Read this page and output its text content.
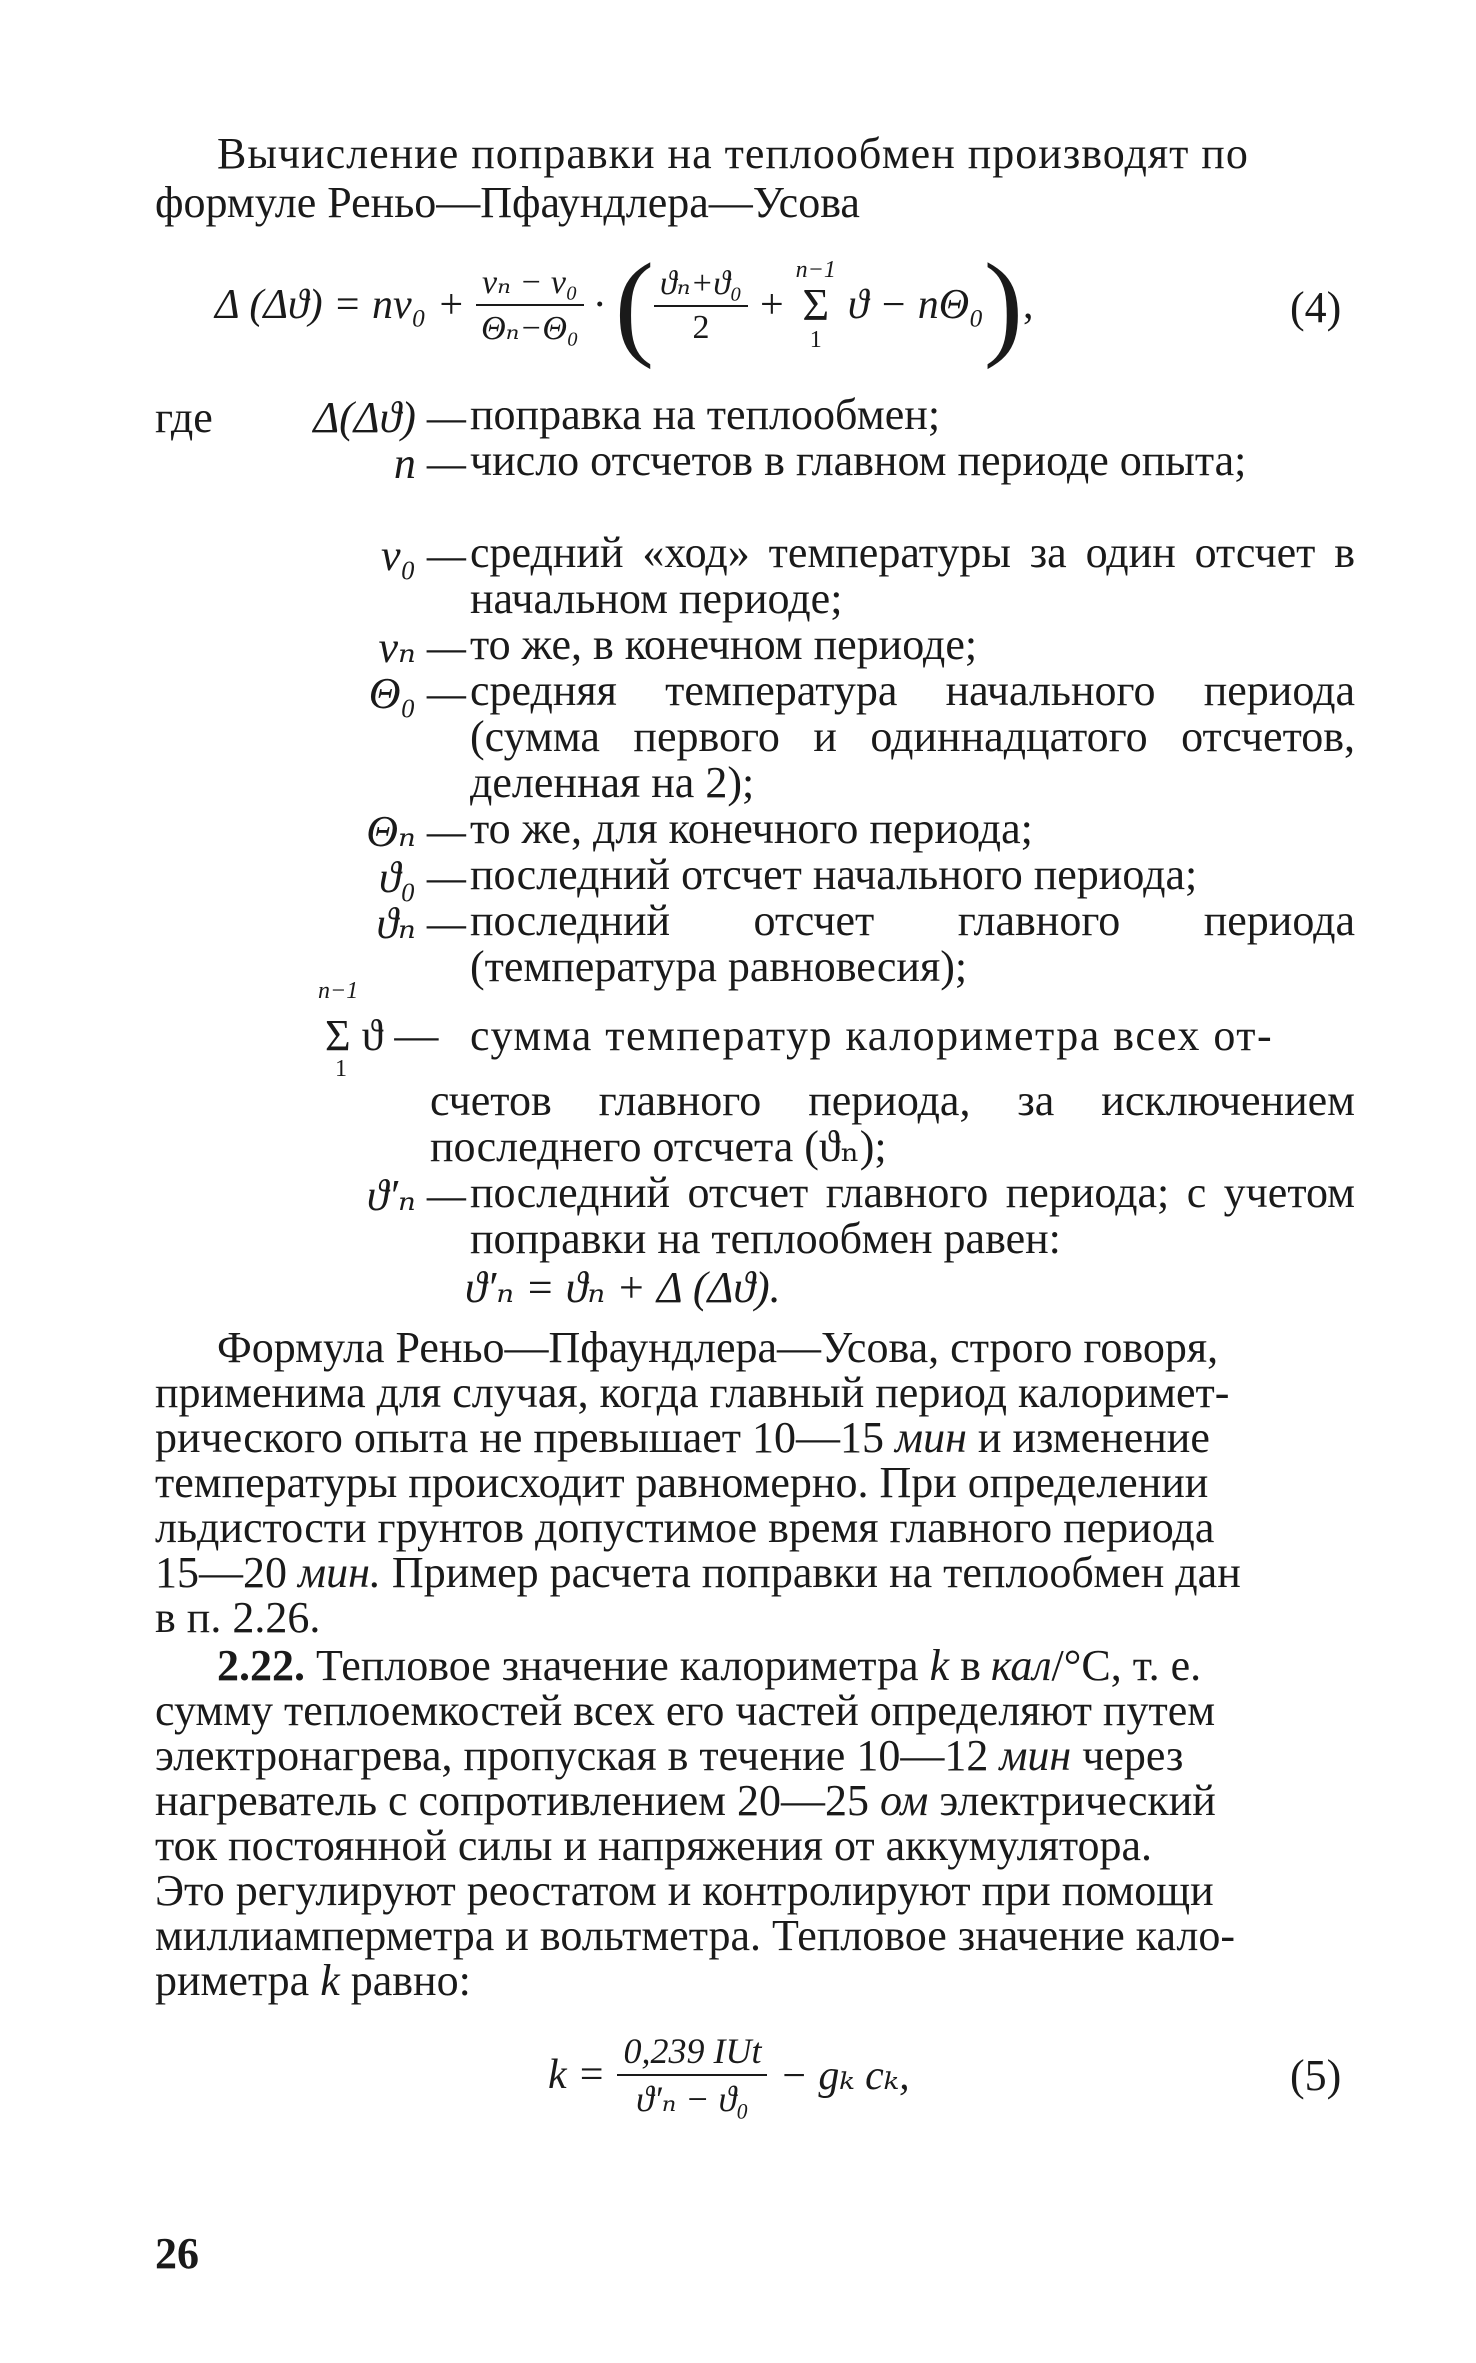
Вычисление поправки на теплообмен производят по
формуле Реньо—Пфаундлера—Усова
Δ $(\Delta ϑ) = nv_0 + \frac{\text{vₙ − v₀}}{\text{Θₙ−Θ₀}}$ · ( $\frac{\text{ϑₙ+ϑ₀}}{2}$ +
n−1
Σ
1
ϑ − nΘ₀ ) ,	(4)
где Δ(Δϑ) — поправка на теплообмен;
n — число отсчетов в главном периоде опыта;
v₀ — средний «ход» температуры за один отсчет в начальном периоде;
vₙ — то же, в конечном периоде;
Θ₀ — средняя температура начального периода (сумма первого и одиннадцатого отсчетов, деленная на 2);
Θₙ — то же, для конечного периода;
ϑ₀ — последний отсчет начального периода;
ϑₙ — последний отсчет главного периода (температура равновесия);
n−1
Σ ϑ —
1
сумма температур калориметра всех от-
счетов главного периода, за исключением последнего отсчета (ϑₙ);
ϑ′ₙ — последний отсчет главного периода; с учетом поправки на теплообмен равен:
ϑ′ₙ = ϑₙ + Δ (Δϑ).
Формула Реньо—Пфаундлера—Усова, строго говоря,
применима для случая, когда главный период калоримет-
рического опыта не превышает 10—15 мин и изменение
температуры происходит равномерно. При определении
льдистости грунтов допустимое время главного периода
15—20 мин. Пример расчета поправки на теплообмен дан
в п. 2.26.
2.22. Тепловое значение калориметра k в кал/°C, т. е.
сумму теплоемкостей всех его частей определяют путем
электронагрева, пропуская в течение 10—12 мин через
нагреватель с сопротивлением 20—25 ом электрический
ток постоянной силы и напряжения от аккумулятора.
Это регулируют реостатом и контролируют при помощи
миллиамперметра и вольтметра. Тепловое значение кало-
риметра k равно:
$k = \frac{\text{0,239 IUt}}{\text{ϑ′ₙ − ϑ₀}} - g_k$ cₖ,	(5)
26
